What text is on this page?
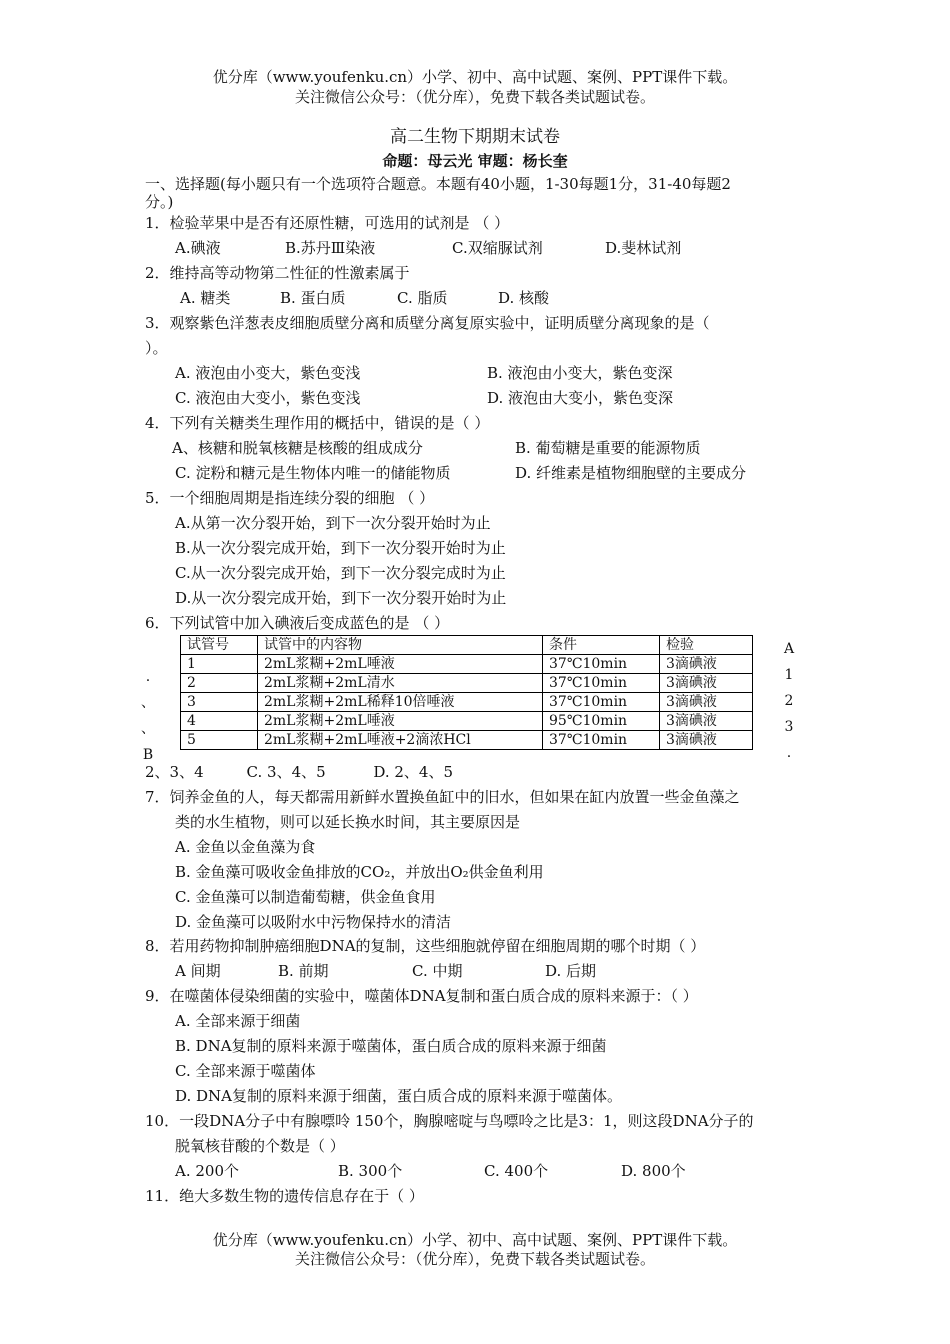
优分库（www.youfenku.cn）小学、初中、高中试题、案例、PPT课件下载。
关注微信公众号：（优分库），免费下载各类试题试卷。
高二生物下期期末试卷
命题：母云光 审题：杨长奎
一、选择题(每小题只有一个选项符合题意。本题有40小题，1-30每题1分，31-40每题2
分。)
1．检验苹果中是否有还原性糖，可选用的试剂是 （ ）
A.碘液	B.苏丹Ⅲ染液	C.双缩脲试剂	D.斐林试剂
2．维持高等动物第二性征的性激素属于
A. 糖类	B. 蛋白质	C. 脂质	D. 核酸
3．观察紫色洋葱表皮细胞质壁分离和质壁分离复原实验中，证明质壁分离现象的是（
）。
A. 液泡由小变大，紫色变浅	B. 液泡由小变大，紫色变深
C. 液泡由大变小，紫色变浅	D. 液泡由大变小，紫色变深
4．下列有关糖类生理作用的概括中，错误的是（ ）
A、核糖和脱氧核糖是核酸的组成成分	B. 葡萄糖是重要的能源物质
C. 淀粉和糖元是生物体内唯一的储能物质	D. 纤维素是植物细胞壁的主要成分
5．一个细胞周期是指连续分裂的细胞 （ ）
A.从第一次分裂开始，到下一次分裂开始时为止
B.从一次分裂完成开始，到下一次分裂开始时为止
C.从一次分裂完成开始，到下一次分裂完成时为止
D.从一次分裂完成开始，到下一次分裂开始时为止
6．下列试管中加入碘液后变成蓝色的是 （ ）
试管号	试管中的内容物	条件	检验
1	2mL浆糊+2mL唾液	37℃10min	3滴碘液
2	2mL浆糊+2mL清水	37℃10min	3滴碘液
3	2mL浆糊+2mL稀释10倍唾液	37℃10min	3滴碘液
4	2mL浆糊+2mL唾液	95℃10min	3滴碘液
5	2mL浆糊+2mL唾液+2滴浓HCl	37℃10min	3滴碘液
A
1
2
3
.
.
、
、
B
2、3、4         C. 3、4、5          D. 2、4、5
7．饲养金鱼的人，每天都需用新鲜水置换鱼缸中的旧水，但如果在缸内放置一些金鱼藻之
类的水生植物，则可以延长换水时间，其主要原因是
A. 金鱼以金鱼藻为食
B. 金鱼藻可吸收金鱼排放的CO₂，并放出O₂供金鱼利用
C. 金鱼藻可以制造葡萄糖，供金鱼食用
D. 金鱼藻可以吸附水中污物保持水的清洁
8．若用药物抑制肿癌细胞DNA的复制，这些细胞就停留在细胞周期的哪个时期（ ）
A 间期	B. 前期	C. 中期	D. 后期
9．在噬菌体侵染细菌的实验中，噬菌体DNA复制和蛋白质合成的原料来源于：（ ）
A. 全部来源于细菌
B. DNA复制的原料来源于噬菌体，蛋白质合成的原料来源于细菌
C. 全部来源于噬菌体
D. DNA复制的原料来源于细菌，蛋白质合成的原料来源于噬菌体。
10．一段DNA分子中有腺嘌呤 150个，胸腺嘧啶与鸟嘌呤之比是3：1，则这段DNA分子的
脱氧核苷酸的个数是（ ）
A. 200个	B. 300个	C. 400个	D. 800个
11．绝大多数生物的遗传信息存在于（ ）
优分库（www.youfenku.cn）小学、初中、高中试题、案例、PPT课件下载。
关注微信公众号：（优分库），免费下载各类试题试卷。
